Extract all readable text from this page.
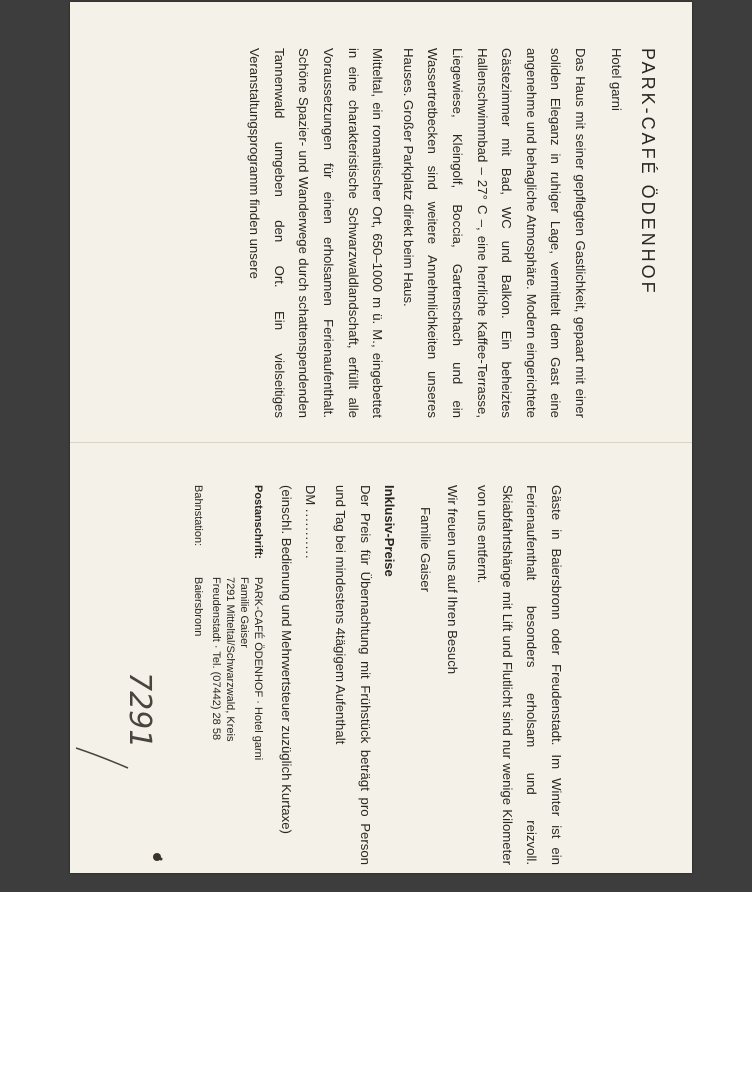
PARK-CAFÉ ÖDENHOF
Hotel garni

Das Haus mit seiner gepflegten Gastlichkeit, gepaart mit einer soliden Eleganz in ruhiger Lage, vermittelt dem Gast eine angenehme und behagliche Atmosphäre. Modern eingerichtete Gästezimmer mit Bad, WC und Balkon. Ein beheiztes Hallenschwimmbad – 27° C –, eine herrliche Kaffee-Terrasse, Liegewiese, Kleingolf, Boccia, Gartenschach und ein Wassertretbecken sind weitere Annehmlichkeiten unseres Hauses. Großer Parkplatz direkt beim Haus.

Mitteltal, ein romantischer Ort, 650–1000 m ü. M., eingebettet in eine charakteristische Schwarzwaldlandschaft, erfüllt alle Voraussetzungen für einen erholsamen Ferienaufenthalt. Schöne Spazier- und Wanderwege durch schattenspendenden Tannenwald umgeben den Ort. Ein vielseitiges Veranstaltungsprogramm finden unsere

Gäste in Baiersbronn oder Freudenstadt. Im Winter ist ein Ferienaufenthalt besonders erholsam und reizvoll. Skiabfahrtshänge mit Lift und Flutlicht sind nur wenige Kilometer von uns entfernt.

Wir freuen uns auf Ihren Besuch

Familie Gaiser
Inklusiv-Preise

Der Preis für Übernachtung mit Frühstück beträgt pro Person und Tag bei mindestens 4tägigem Aufenthalt

DM ...........

(einschl. Bedienung und Mehrwertsteuer zuzüglich Kurtaxe)

Postanschrift:
PARK-CAFÉ ÖDENHOF · Hotel garni
Familie Gaiser
7291 Mitteltal/Schwarzwald, Kreis
Freudenstadt · Tel. (07442) 28 58
Bahnstation:
Baiersbronn
7291
